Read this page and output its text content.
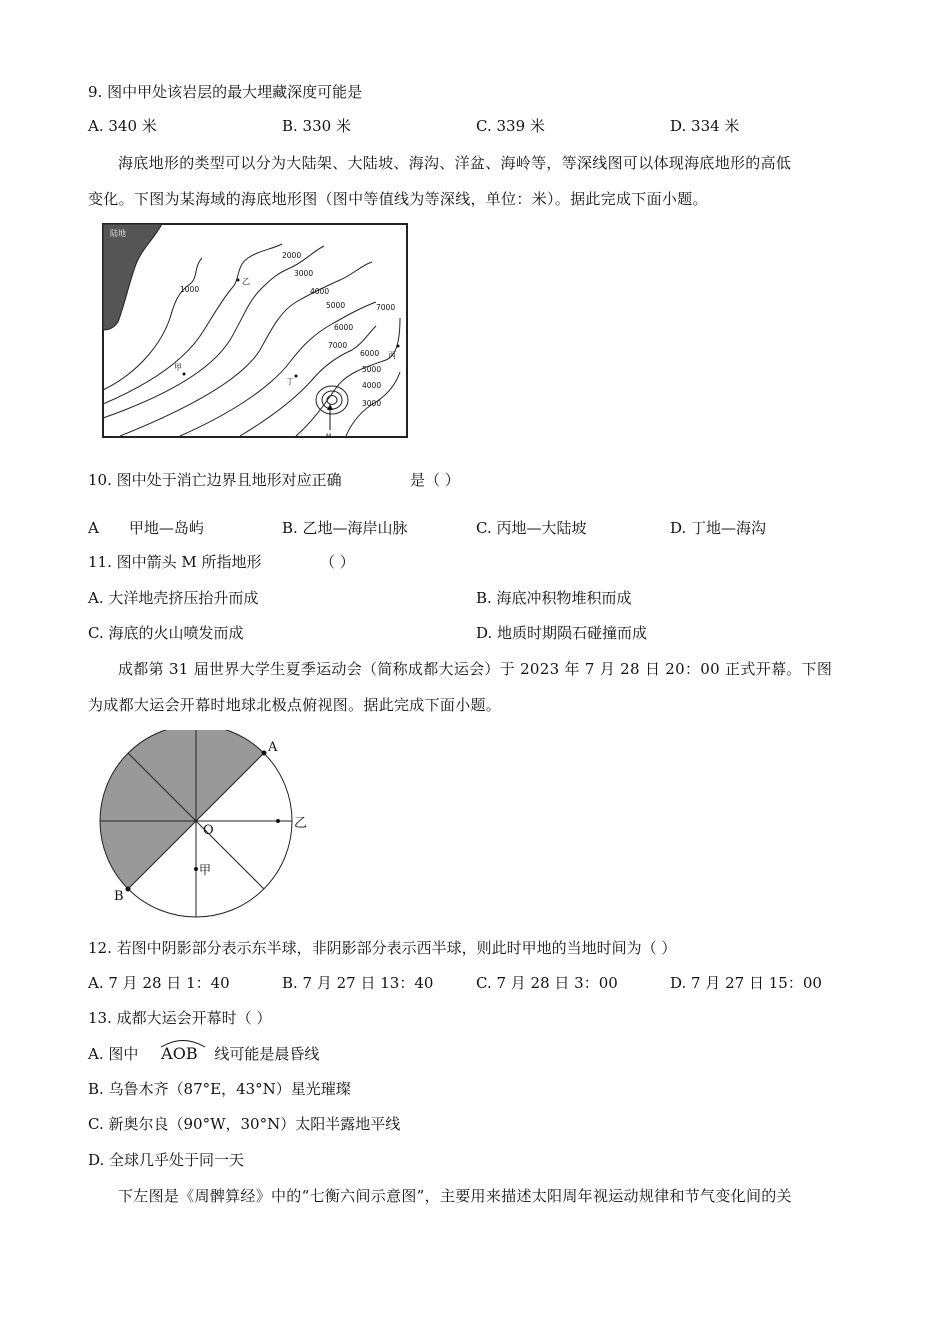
9. 图中甲处该岩层的最大埋藏深度可能是
A. 340 米	B. 330 米	C. 339 米	D. 334 米
海底地形的类型可以分为大陆架、大陆坡、海沟、洋盆、海岭等，等深线图可以体现海底地形的高低
变化。下图为某海域的海底地形图（图中等值线为等深线，单位：米）。据此完成下面小题。
陆地
1000
2000
3000
4000
5000
6000
7000
7000
6000
5000
4000
3000
甲
乙
丙
丁
M
10. 图中处于消亡边界且地形对应正确	是（ ）
A　　甲地—岛屿	B. 乙地—海岸山脉	C. 丙地—大陆坡	D. 丁地—海沟
11. 图中箭头 M 所指地形	（ ）
A. 大洋地壳挤压抬升而成	B. 海底冲积物堆积而成
C. 海底的火山喷发而成	D. 地质时期陨石碰撞而成
成都第 31 届世界大学生夏季运动会（简称成都大运会）于 2023 年 7 月 28 日 20：00 正式开幕。下图
为成都大运会开幕时地球北极点俯视图。据此完成下面小题。
A
B
O	乙
甲
12. 若图中阴影部分表示东半球，非阴影部分表示西半球，则此时甲地的当地时间为（ ）
A. 7 月 28 日 1：40	B. 7 月 27 日 13：40	C. 7 月 28 日 3：00	D. 7 月 27 日 15：00
13. 成都大运会开幕时（ ）
A. 图中 AOB 线可能是晨昏线
B. 乌鲁木齐（87°E，43°N）星光璀璨
C. 新奥尔良（90°W，30°N）太阳半露地平线
D. 全球几乎处于同一天
下左图是《周髀算经》中的“七衡六间示意图”，主要用来描述太阳周年视运动规律和节气变化间的关
